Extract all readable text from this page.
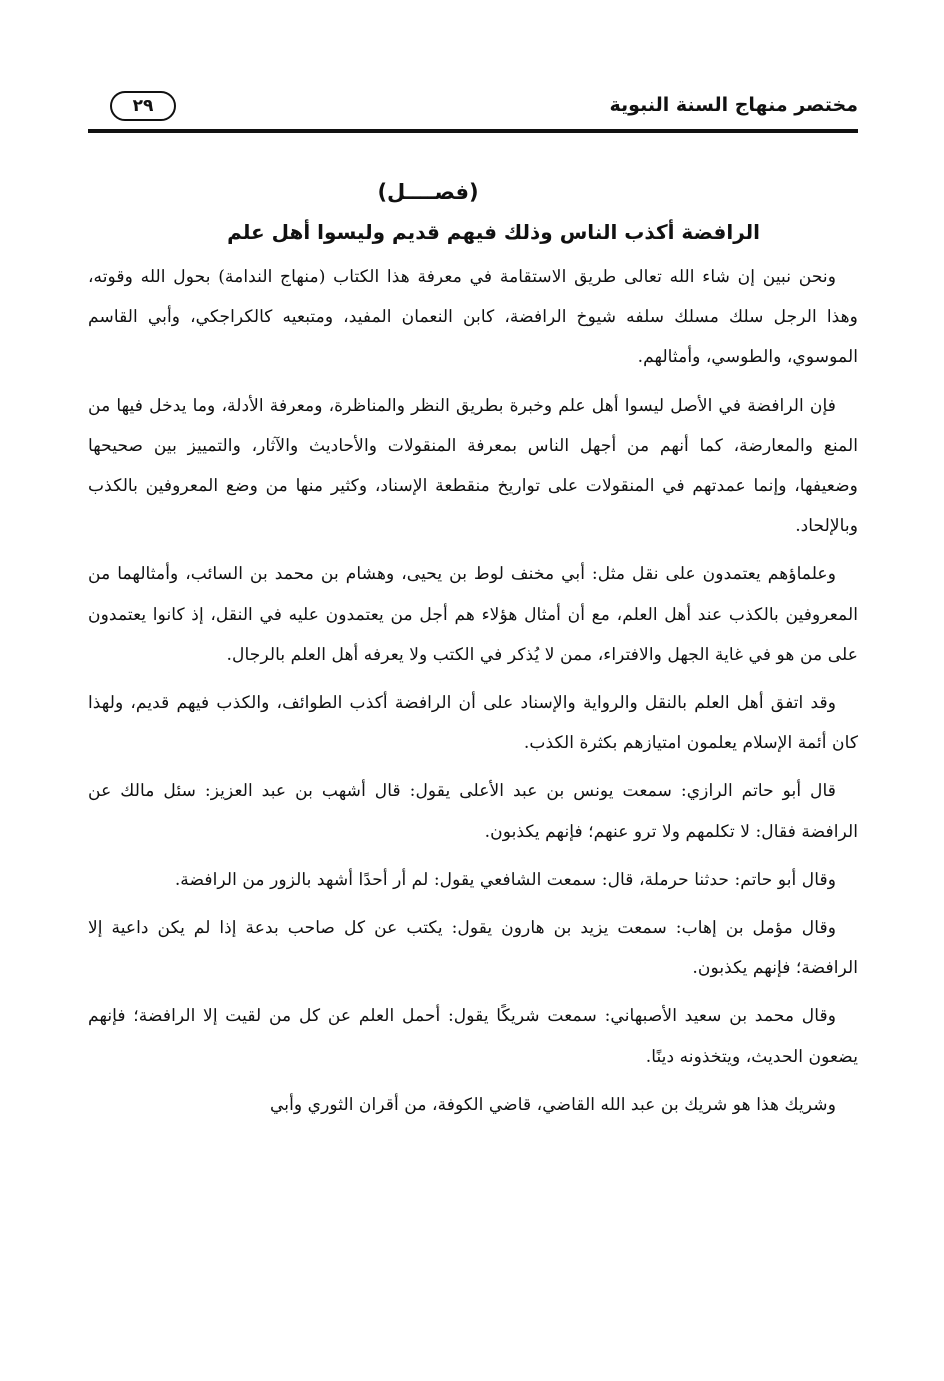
مختصر منهاج السنة النبوية
٢٩
(فصــــل)
الرافضة أكذب الناس وذلك فيهم قديم وليسوا أهل علم

ونحن نبين إن شاء الله تعالى طريق الاستقامة في معرفة هذا الكتاب (منهاج الندامة) بحول الله وقوته، وهذا الرجل سلك مسلك سلفه شيوخ الرافضة، كابن النعمان المفيد، ومتبعيه كالكراجكي، وأبي القاسم الموسوي، والطوسي، وأمثالهم.

فإن الرافضة في الأصل ليسوا أهل علم وخبرة بطريق النظر والمناظرة، ومعرفة الأدلة، وما يدخل فيها من المنع والمعارضة، كما أنهم من أجهل الناس بمعرفة المنقولات والأحاديث والآثار، والتمييز بين صحيحها وضعيفها، وإنما عمدتهم في المنقولات على تواريخ منقطعة الإسناد، وكثير منها من وضع المعروفين بالكذب وبالإلحاد.

وعلماؤهم يعتمدون على نقل مثل: أبي مخنف لوط بن يحيى، وهشام بن محمد بن السائب، وأمثالهما من المعروفين بالكذب عند أهل العلم، مع أن أمثال هؤلاء هم أجل من يعتمدون عليه في النقل، إذ كانوا يعتمدون على من هو في غاية الجهل والافتراء، ممن لا يُذكر في الكتب ولا يعرفه أهل العلم بالرجال.

وقد اتفق أهل العلم بالنقل والرواية والإسناد على أن الرافضة أكذب الطوائف، والكذب فيهم قديم، ولهذا كان أئمة الإسلام يعلمون امتيازهم بكثرة الكذب.

قال أبو حاتم الرازي: سمعت يونس بن عبد الأعلى يقول: قال أشهب بن عبد العزيز: سئل مالك عن الرافضة فقال: لا تكلمهم ولا ترو عنهم؛ فإنهم يكذبون.

وقال أبو حاتم: حدثنا حرملة، قال: سمعت الشافعي يقول: لم أر أحدًا أشهد بالزور من الرافضة.

وقال مؤمل بن إهاب: سمعت يزيد بن هارون يقول: يكتب عن كل صاحب بدعة إذا لم يكن داعية إلا الرافضة؛ فإنهم يكذبون.

وقال محمد بن سعيد الأصبهاني: سمعت شريكًا يقول: أحمل العلم عن كل من لقيت إلا الرافضة؛ فإنهم يضعون الحديث، ويتخذونه دينًا.

وشريك هذا هو شريك بن عبد الله القاضي، قاضي الكوفة، من أقران الثوري وأبي
